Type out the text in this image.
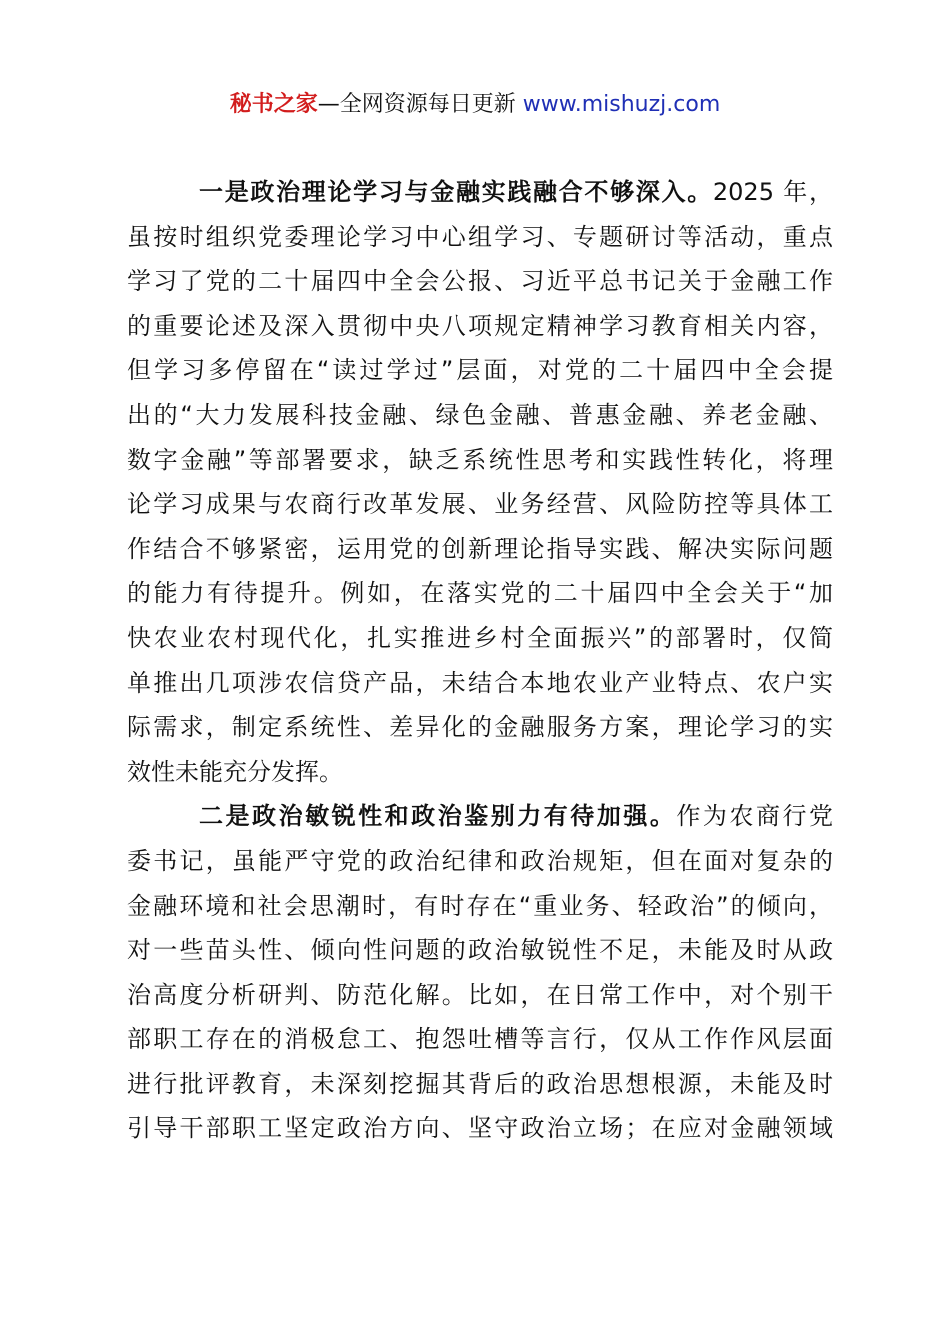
秘书之家—全网资源每日更新 www.mishuzj.com
一是政治理论学习与金融实践融合不够深入。2025 年，
虽按时组织党委理论学习中心组学习、专题研讨等活动，重点
学习了党的二十届四中全会公报、习近平总书记关于金融工作
的重要论述及深入贯彻中央八项规定精神学习教育相关内容，
但学习多停留在“读过学过”层面，对党的二十届四中全会提
出的“大力发展科技金融、绿色金融、普惠金融、养老金融、
数字金融”等部署要求，缺乏系统性思考和实践性转化，将理
论学习成果与农商行改革发展、业务经营、风险防控等具体工
作结合不够紧密，运用党的创新理论指导实践、解决实际问题
的能力有待提升。例如，在落实党的二十届四中全会关于“加
快农业农村现代化，扎实推进乡村全面振兴”的部署时，仅简
单推出几项涉农信贷产品，未结合本地农业产业特点、农户实
际需求，制定系统性、差异化的金融服务方案，理论学习的实
效性未能充分发挥。
二是政治敏锐性和政治鉴别力有待加强。作为农商行党
委书记，虽能严守党的政治纪律和政治规矩，但在面对复杂的
金融环境和社会思潮时，有时存在“重业务、轻政治”的倾向，
对一些苗头性、倾向性问题的政治敏锐性不足，未能及时从政
治高度分析研判、防范化解。比如，在日常工作中，对个别干
部职工存在的消极怠工、抱怨吐槽等言行，仅从工作作风层面
进行批评教育，未深刻挖掘其背后的政治思想根源，未能及时
引导干部职工坚定政治方向、坚守政治立场；在应对金融领域
